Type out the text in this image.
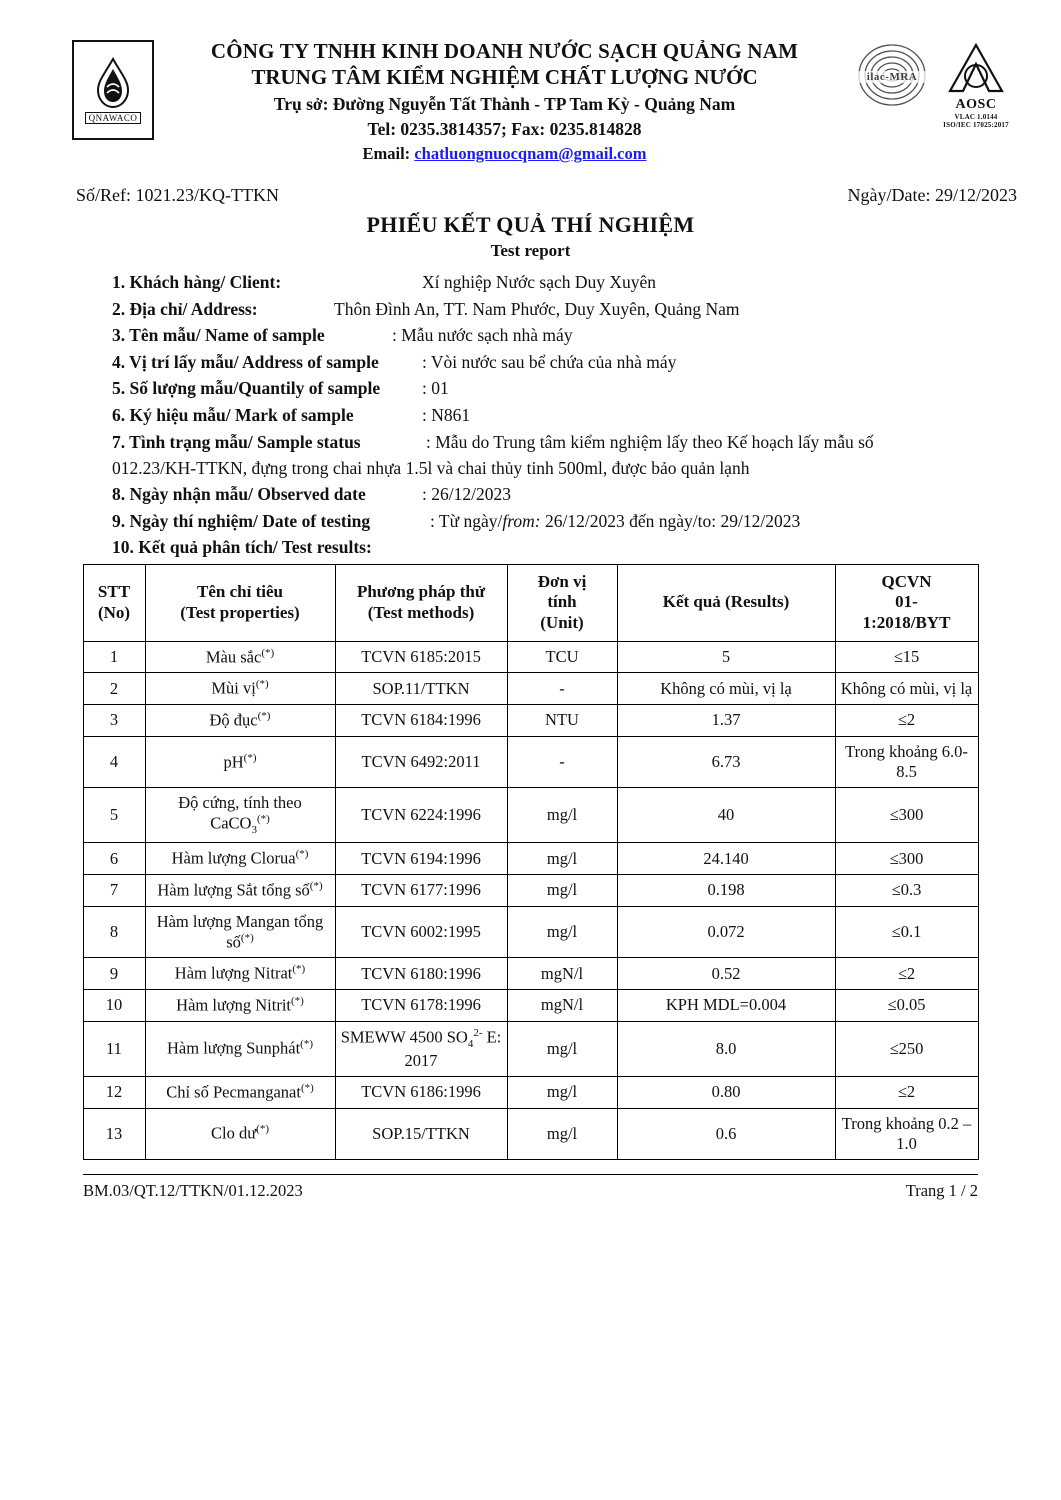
QNAWACO
CÔNG TY TNHH KINH DOANH NƯỚC SẠCH QUẢNG NAM
TRUNG TÂM KIỂM NGHIỆM CHẤT LƯỢNG NƯỚC
Trụ sở: Đường Nguyễn Tất Thành - TP Tam Kỳ - Quảng Nam
Tel: 0235.3814357; Fax: 0235.814828
Email: chatluongnuocqnam@gmail.com
ilac-MRA
AOSC
VLAC 1.0144
ISO/IEC 17025:2017
Số/Ref: 1021.23/KQ-TTKN	Ngày/Date: 29/12/2023
PHIẾU KẾT QUẢ THÍ NGHIỆM
Test report
1. Khách hàng/ Client:	Xí nghiệp Nước sạch Duy Xuyên
2. Địa chỉ/ Address:	Thôn Đình An, TT. Nam Phước, Duy Xuyên, Quảng Nam
3. Tên mẫu/ Name of sample	: Mẫu nước sạch nhà máy
4. Vị trí lấy mẫu/ Address of sample	: Vòi nước sau bể chứa của nhà máy
5. Số lượng mẫu/Quantily of sample	: 01
6. Ký hiệu mẫu/ Mark of sample	: N861
7. Tình trạng mẫu/ Sample status	: Mẫu do Trung tâm kiểm nghiệm lấy theo Kế hoạch lấy mẫu số
012.23/KH-TTKN, đựng trong chai nhựa 1.5l và chai thủy tinh 500ml, được bảo quản lạnh
8. Ngày nhận mẫu/ Observed date	: 26/12/2023
9. Ngày thí nghiệm/ Date of testing	: Từ ngày/from: 26/12/2023 đến ngày/to: 29/12/2023
10. Kết quả phân tích/ Test results:
STT
(No)

Tên chỉ tiêu
(Test properties)

Phương pháp thử
(Test methods)

Đơn vị
tính
(Unit)

Kết quả (Results)

QCVN
01-
1:2018/BYT

1	Màu sắc(*)	TCVN 6185:2015	TCU	5	≤15
2	Mùi vị(*)	SOP.11/TTKN	-	Không có mùi, vị lạ	Không có mùi, vị lạ
3	Độ đục(*)	TCVN 6184:1996	NTU	1.37	≤2
4	pH(*)	TCVN 6492:2011	-	6.73	Trong khoảng 6.0-8.5
5	Độ cứng, tính theo CaCO$_3$(*)	TCVN 6224:1996	mg/l	40	≤300
6	Hàm lượng Clorua(*)	TCVN 6194:1996	mg/l	24.140	≤300
7	Hàm lượng Sắt tổng số(*)	TCVN 6177:1996	mg/l	0.198	≤0.3
8	Hàm lượng Mangan tổng số(*)	TCVN 6002:1995	mg/l	0.072	≤0.1
9	Hàm lượng Nitrat(*)	TCVN 6180:1996	mgN/l	0.52	≤2
10	Hàm lượng Nitrit(*)	TCVN 6178:1996	mgN/l	KPH MDL=0.004	≤0.05
11	Hàm lượng Sunphát(*)	SMEWW 4500 $SO_4^{2-}$ E: 2017	mg/l	8.0	≤250
12	Chỉ số Pecmanganat(*)	TCVN 6186:1996	mg/l	0.80	≤2
13	Clo dư(*)	SOP.15/TTKN	mg/l	0.6	Trong khoảng 0.2 – 1.0
BM.03/QT.12/TTKN/01.12.2023	Trang 1 / 2
